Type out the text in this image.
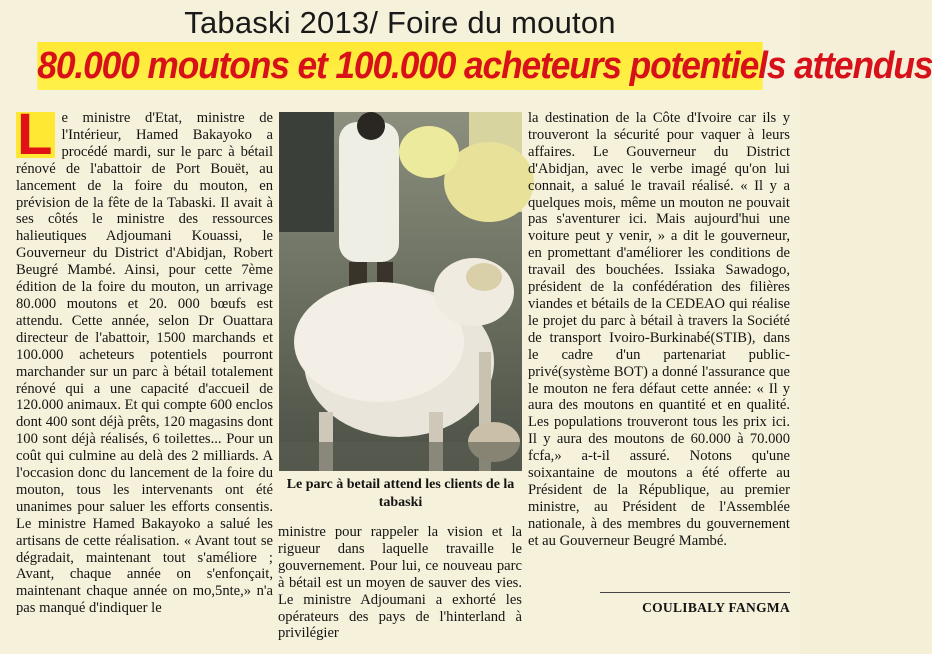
Tabaski 2013/ Foire du mouton
80.000 moutons et 100.000 acheteurs potentiels attendus
L e ministre d'Etat, ministre de l'Intérieur, Hamed Bakayoko a procédé mardi, sur le parc à bétail rénové de l'abattoir de Port Bouët, au lancement de la foire du mouton, en prévision de la fête de la Tabaski. Il avait à ses côtés le ministre des ressources halieutiques Adjoumani Kouassi, le Gouverneur du District d'Abidjan, Robert Beugré Mambé. Ainsi, pour cette 7ème édition de la foire du mouton, un arrivage 80.000 moutons et 20. 000 bœufs est attendu. Cette année, selon Dr Ouattara directeur de l'abattoir, 1500 marchands et 100.000 acheteurs potentiels pourront marchander sur un parc à bétail totalement rénové qui a une capacité d'accueil de 120.000 animaux. Et qui compte 600 enclos dont 400 sont déjà prêts, 120 magasins dont 100 sont déjà réalisés, 6 toilettes... Pour un coût qui culmine au delà des 2 milliards. A l'occasion donc du lancement de la foire du mouton, tous les intervenants ont été unanimes pour saluer les efforts consentis. Le ministre Hamed Bakayoko a salué les artisans de cette réalisation. « Avant tout se dégradait, maintenant tout s'améliore ; Avant, chaque année on s'enfonçait, maintenant chaque année on mo,5nte,» n'a pas manqué d'indiquer le
Le parc à betail attend les clients de la tabaski
ministre pour rappeler la vision et la rigueur dans laquelle travaille le gouvernement. Pour lui, ce nouveau parc à bétail est un moyen de sauver des vies. Le ministre Adjoumani a exhorté les opérateurs des pays de l'hinterland à privilégier
la destination de la Côte d'Ivoire car ils y trouveront la sécurité pour vaquer à leurs affaires. Le Gouverneur du District d'Abidjan, avec le verbe imagé qu'on lui connait, a salué le travail réalisé. « Il y a quelques mois, même un mouton ne pouvait pas s'aventurer ici. Mais aujourd'hui une voiture peut y venir, » a dit le gouverneur, en promettant d'améliorer les conditions de travail des bouchées. Issiaka Sawadogo, président de la confédération des filières viandes et bétails de la CEDEAO qui réalise le projet du parc à bétail à travers la Société de transport Ivoiro-Burkinabé(STIB), dans le cadre d'un partenariat public-privé(système BOT) a donné l'assurance que le mouton ne fera défaut cette année: « Il y aura des moutons en quantité et en qualité. Les populations trouveront tous les prix ici. Il y aura des moutons de 60.000 à 70.000 fcfa,» a-t-il assuré. Notons qu'une soixantaine de moutons a été offerte au Président de la République, au premier ministre, au Président de l'Assemblée nationale, à des membres du gouvernement et au Gouverneur Beugré Mambé.
COULIBALY FANGMA
